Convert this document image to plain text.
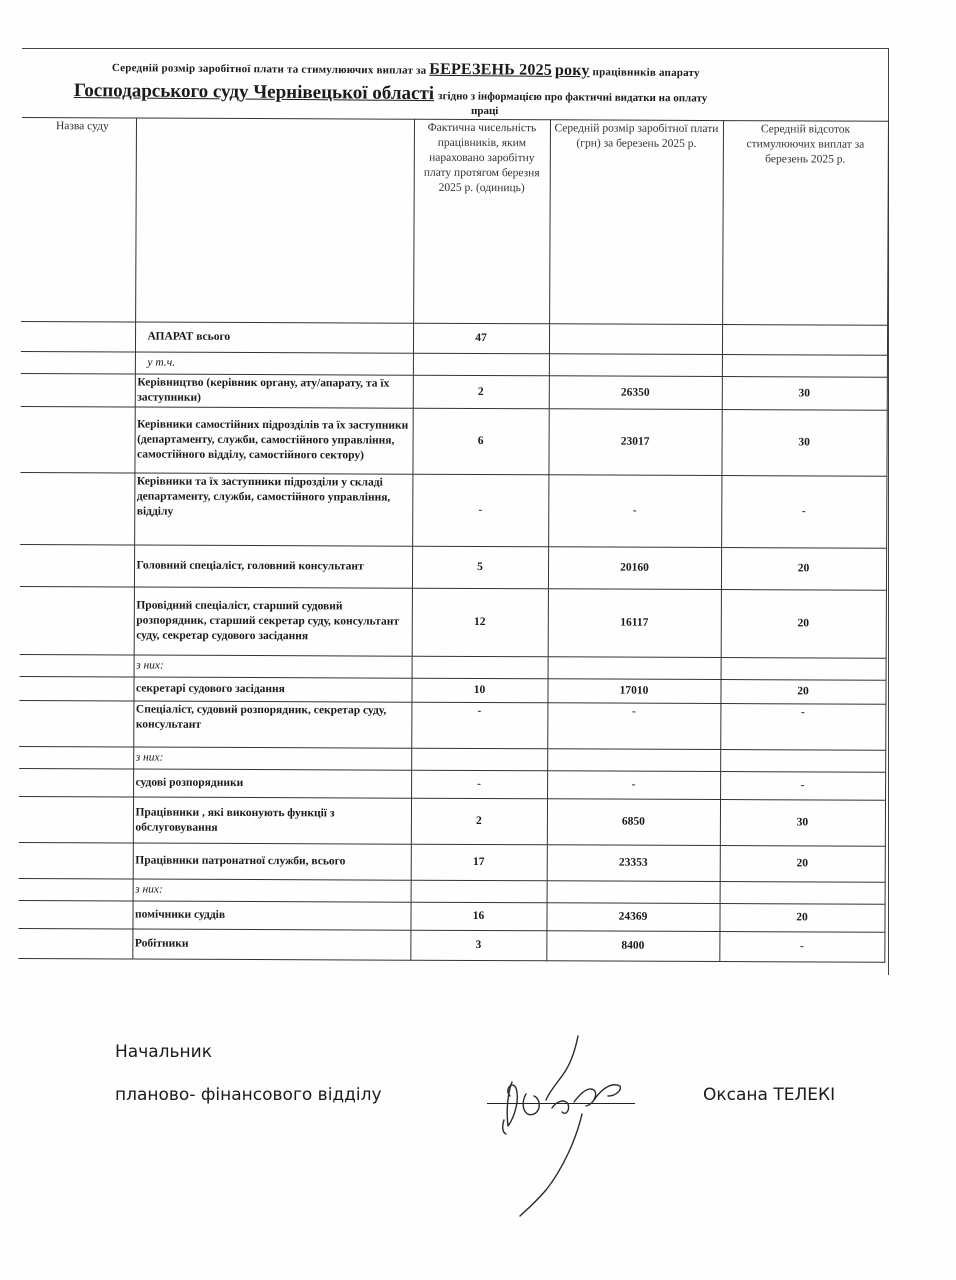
Середній розмір заробітної плати та стимулюючих виплат за БЕРЕЗЕНЬ 2025 року працівників апарату
Господарського суду Чернівецької області згідно з інформацією про фактичні видатки на оплату
праці
Назва суду		Фактична чисельність працівників, яким нараховано заробітну плату протягом березня 2025 р. (одиниць)	Середній розмір заробітної плати (грн) за березень 2025 р.	Середній відсоток стимулюючих виплат за березень 2025 р.
	АПАРАТ всього	47		
	у т.ч.			
	Керівництво (керівник органу, ату/апарату, та їх заступники)	2	26350	30
	Керівники самостійних підрозділів та їх заступники (департаменту, служби, самостійного управління, самостійного відділу, самостійного сектору)	6	23017	30
	Керівники та їх заступники підрозділи у складі департаменту, служби, самостійного управління, відділу	-	-	-
	Головний спеціаліст, головний консультант	5	20160	20
	Провідний спеціаліст, старший судовий розпорядник, старший секретар суду, консультант суду, секретар судового засідання	12	16117	20
	з них:			
	секретарі судового засідання	10	17010	20
	Спеціаліст, судовий розпорядник, секретар суду, консультант	-	-	-
	з них:			
	судові розпорядники	-	-	-
	Працівники , які виконують функції з обслуговування	2	6850	30
	Працівники патронатної служби, всього	17	23353	20
	з них:			
	помічники суддів	16	24369	20
	Робітники	3	8400	-
Начальник
планово- фінансового відділу	Оксана ТЕЛЕКІ
